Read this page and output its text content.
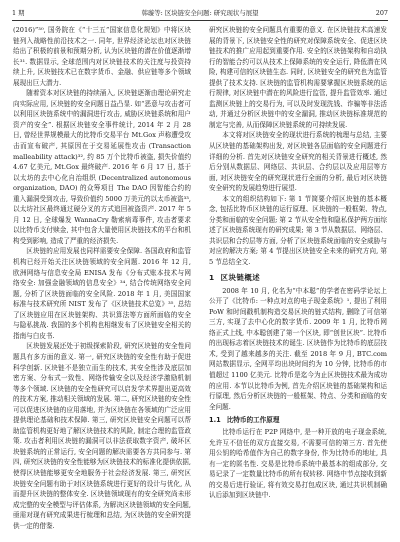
1 期	韩璇等: 区块链安全问题: 研究现状与展望	207

(2016)”³⁰, 国务院在《“十三五”国家信息化规划》中将区块链列入战略性前沿技术之一. 同年, 世界经济论坛也对区块链给出了积极的前景和预期分析, 认为区块链的潜在价值逐渐增长³¹. 数据显示, 全球范围内对区块链技术的关注度与投资持续上升, 区块链技术已在数字货币、金融、供应链等多个领域展现出巨大潜力.

随着资本对区块链的持续涌入, 区块链逐渐由理论研究走向实际应用, 区块链的安全问题日益凸显. 如“恶意与攻击者可以利用区块链系统中的漏洞进行攻击, 威胁区块链系统和用户资产的安全”. 根据区块链安全事件统计, 2014 年 2 月 28 日, 曾经世界规模最大的比特币交易平台 Mt.Gox 声称遭受攻击而宣布破产, 其原因在于交易延展性攻击 (Transaction malleability attack)³², 约 85 万个比特币被盗, 损失价值约 4.67 亿美元, Mt.Gox 最终破产. 2016 年 6 月 17 日, 基于以太坊的去中心化自治组织 (Decentralized autonomous organization, DAO) 的众筹项目 The DAO 因智能合约的重入漏洞受到攻击, 导致价值约 5000 万美元的以太币被盗³³, 以太坊社区最终通过硬分叉的方式追回被盗资产. 2017 年 5 月 12 日, 全球爆发 WannaCry 勒索病毒事件, 攻击者要求以比特币支付赎金, 其中包含大量使用区块链技术的平台和机构受到影响, 造成了严重的经济损失.

区块链的应用发展也同样需要安全保障. 各国政府和监管机构已经开始关注区块链领域的安全问题. 2016 年 12 月, 欧洲网络与信息安全局 ENISA 发布《分布式账本技术与网络安全: 加强金融领域的信息安全》³⁴, 结合传统网络安全问题, 分析了区块链面临的安全风险. 2018 年 1 月, 美国国家标准与技术研究所 NIST 发布了《区块链技术总览》³⁵, 总结了区块链应用在区块链架构、共识算法等方面所面临的安全与隐私挑战. 我国的多个机构也相继发布了区块链安全相关的指南与白皮书.

区块链发展还处于初级探索阶段, 研究区块链的安全性问题具有多方面的意义. 第一, 研究区块链的安全性有助于促进科学创新. 区块链不是独立而生的技术, 其安全性涉及底层加密方案、分布式一致性、网络传输安全以及经济学激励机制等多个领域. 区块链的安全性研究可以启发学术界提出更高效的技术方案, 推动相关领域的发展. 第二, 研究区块链的安全性可以促进区块链的应用落地, 并为区块链在各领域的广泛应用提供理论基础和技术保障. 第三, 研究区块链安全问题可以帮助监管机构更好地了解区块链技术的风险, 制定合理的监管政策. 攻击者利用区块链的漏洞可以非法获取数字资产, 破坏区块链系统的正常运行, 安全问题的解决需要各方共同参与. 第四, 研究区块链的安全性能够为区块链技术的标准化提供依据, 使得区块链能够更安全地服务于社会经济发展. 第三, 研究区块链安全问题有助于对区块链系统进行更好的设计与优化, 从而提升区块链的整体安全. 区块链领域现有的安全研究尚未形成完整的安全模型与评估体系, 为解决区块链领域的安全问题, 亟需对现有研究成果进行梳理和总结, 为区块链的安全研究提供一定的借鉴.

研究区块链的安全问题具有重要的意义. 在区块链技术高速发展的背景下, 区块链安全性的研究对保障系统安全、促进区块链技术的推广应用起到重要作用. 安全的区块链架构和自动执行的智能合约可以从技术上保障系统的安全运行, 降低潜在风险, 构建可信的区块链生态. 同时, 区块链安全的研究也为监管提供了技术支持. 区块链的监管机构需要掌握区块链系统的运行规律, 对区块链中潜在的风险进行监管, 提升监管效率. 通过监测区块链上的交易行为, 可以及时发现洗钱、诈骗等非法活动, 并通过分析区块链中的安全漏洞, 推动区块链标准规范的制定与完善, 从而保障区块链系统的可持续发展.

本文将对区块链安全的现状进行系统的梳理与总结, 主要从区块链的基础架构出发, 对区块链各层面临的安全问题进行详细的分析. 首先对区块链安全研究的相关背景进行概述, 然后分别从数据层、网络层、共识层、合约层以及应用层等方面, 对区块链安全的研究现状进行全面的分析, 最后对区块链安全研究的发展趋势进行展望.

本文的组织结构如下: 第 1 节简要介绍区块链的基本概念, 包括比特币区块链的运行原理、区块链的一般框架、特点, 分类和面临的安全问题; 第 2 节从安全性和隐私保护两方面综述了区块链系统现有的研究成果; 第 3 节从数据层、网络层、共识层和合约层等方面, 分析了区块链系统面临的安全威胁与对应的解决方案; 第 4 节提出区块链安全未来的研究方向, 第 5 节总结全文.

1 区块链概述

2008 年 10 月, 化名为“中本聪”的学者在密码学论坛上公开了《比特币: 一种点对点的电子现金系统》¹, 提出了利用 PoW 和时间戳机制构造交易区块的链式结构, 删除了可信第三方, 实现了去中心化的数字货币. 2009 年 1 月, 比特币网络正式上线, 中本聪创建了第一个区块, 即“创世区块”. 比特币的出现标志着区块链技术的诞生. 区块链作为比特币的底层技术, 受到了越来越多的关注. 截至 2018 年 9 月, BTC.com 网站数据显示, 全网平均出块时间约为 10 分钟, 比特币的市值超过 1100 亿美元. 比特币是迄今为止区块链技术最为成功的应用. 本节以比特币为例, 首先介绍区块链的基础架构和运行原理, 然后分析区块链的一般框架、特点、分类和面临的安全问题.

1.1 比特币的工作原理

比特币运行在 P2P 网络中, 是一种开放的电子现金系统, 允许互不信任的双方直接交易, 不需要可信的第三方. 首先使用公钥的哈希值作为自己的数字身份, 作为比特币的地址, 具有一定的匿名性. 交易是比特币系统中最基本的组成部分, 交易记录了一定数量比特币的所有权转移. 网络中节点接收到新的交易后进行验证, 将有效交易打包成区块, 通过共识机制确认后添加到区块链中.
